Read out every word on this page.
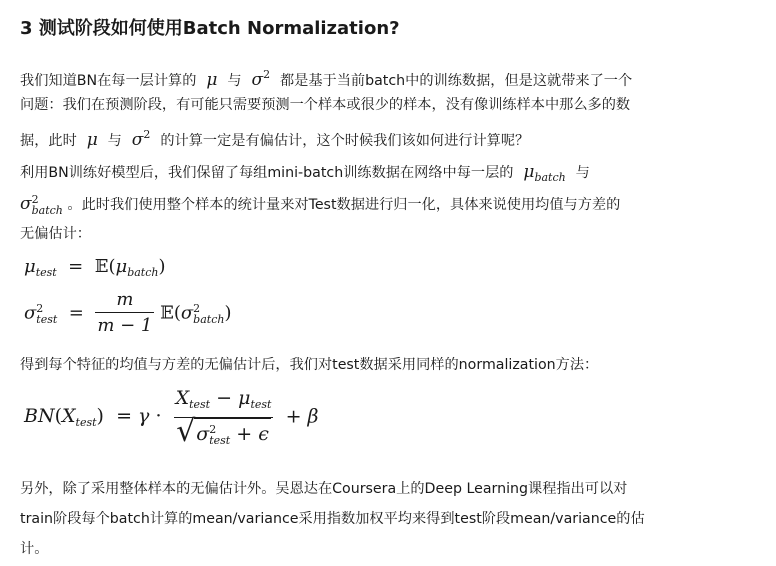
3 测试阶段如何使用Batch Normalization?
我们知道BN在每一层计算的 μ 与 $\sigma^2$ 都是基于当前batch中的训练数据，但是这就带来了一个
问题：我们在预测阶段，有可能只需要预测一个样本或很少的样本，没有像训练样本中那么多的数
据，此时 μ 与 $\sigma^2$ 的计算一定是有偏估计，这个时候我们该如何进行计算呢？
利用BN训练好模型后，我们保留了每组mini-batch训练数据在网络中每一层的 $\mu_{batch}$ 与
σ 2
batch 。此时我们使用整个样本的统计量来对Test数据进行归一化，具体来说使用均值与方差的
无偏估计：
$\mu_{test}$ = $𝔼(\mu_{batch})$
σ 2
test = $\frac{m}{m - 1}$ 𝔼(σ 2
batch )
得到每个特征的均值与方差的无偏估计后，我们对test数据采用同样的normalization方法：
$BN(X_{test}) = \gamma \cdot X_{test} - \mu_{test}$
√ σ 2
test + ϵ + β
另外，除了采用整体样本的无偏估计外。吴恩达在Coursera上的Deep Learning课程指出可以对
train阶段每个batch计算的mean/variance采用指数加权平均来得到test阶段mean/variance的估
计。
